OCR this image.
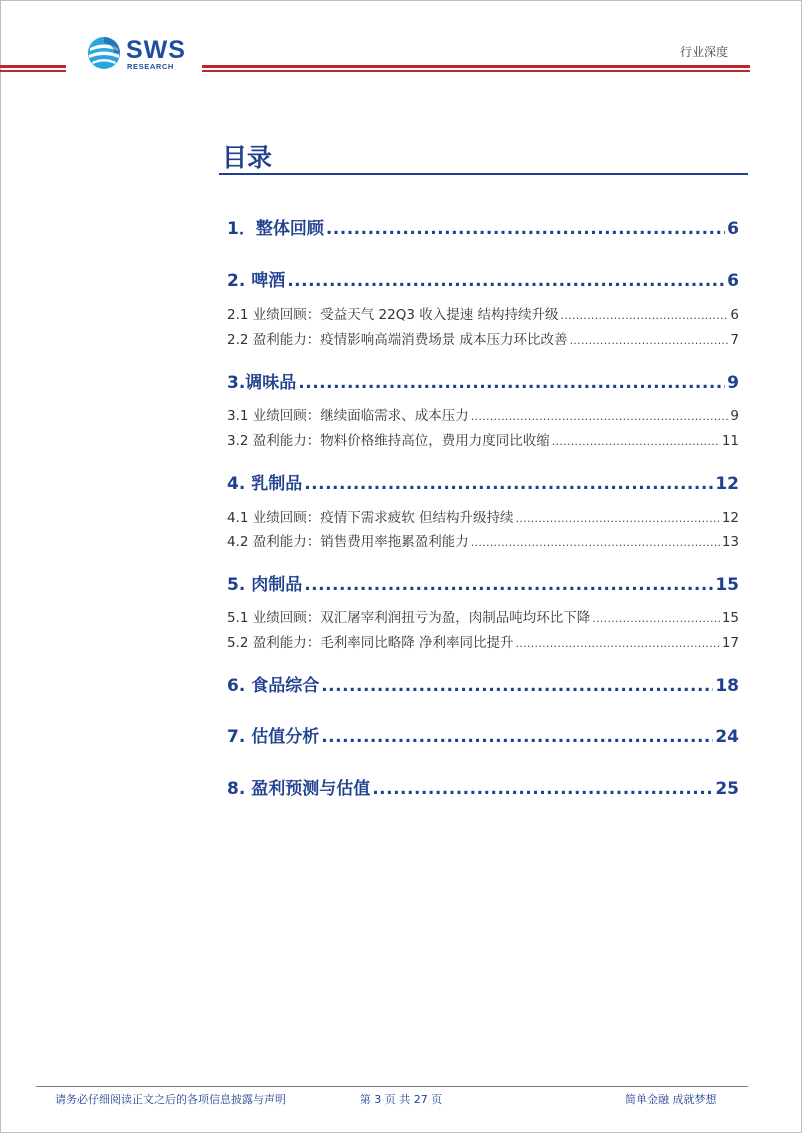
SWS
RESEARCH
行业深度
目录
1．整体回顾 .....	6
2. 啤酒 .....	6
2.1 业绩回顾：受益天气 22Q3 收入提速 结构持续升级 .....	6
2.2 盈利能力：疫情影响高端消费场景 成本压力环比改善 .....	7
3.调味品 .....	9
3.1 业绩回顾：继续面临需求、成本压力 .....	9
3.2 盈利能力：物料价格维持高位，费用力度同比收缩 .....	11
4. 乳制品 .....	12
4.1 业绩回顾：疫情下需求疲软 但结构升级持续 .....	12
4.2 盈利能力：销售费用率拖累盈利能力 .....	13
5. 肉制品 .....	15
5.1 业绩回顾：双汇屠宰利润扭亏为盈，肉制品吨均环比下降 .....	15
5.2 盈利能力：毛利率同比略降 净利率同比提升 .....	17
6. 食品综合 .....	18
7. 估值分析 .....	24
8. 盈利预测与估值 .....	25
请务必仔细阅读正文之后的各项信息披露与声明	第 3 页 共 27 页	简单金融 成就梦想
